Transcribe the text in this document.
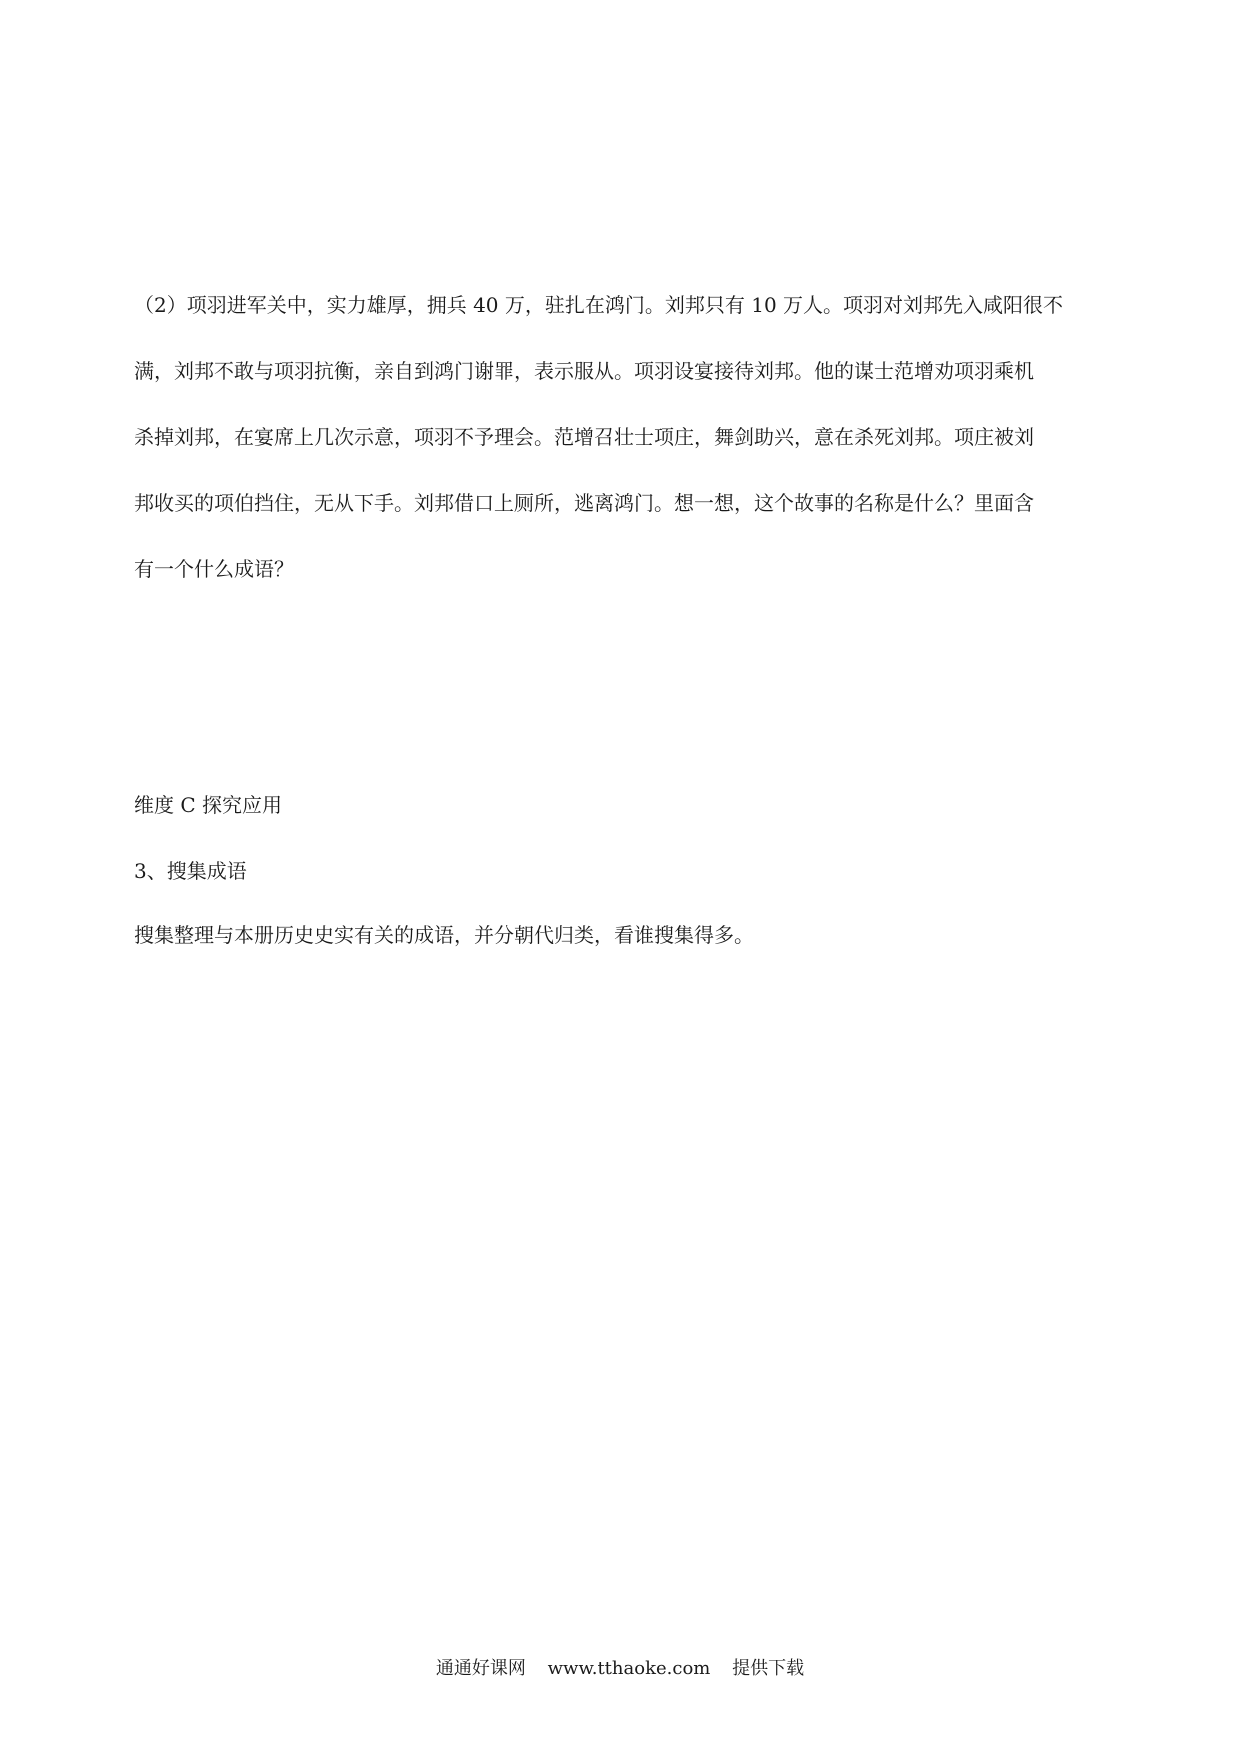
（2）项羽进军关中，实力雄厚，拥兵 40 万，驻扎在鸿门。刘邦只有 10 万人。项羽对刘邦先入咸阳很不
满，刘邦不敢与项羽抗衡，亲自到鸿门谢罪，表示服从。项羽设宴接待刘邦。他的谋士范增劝项羽乘机
杀掉刘邦，在宴席上几次示意，项羽不予理会。范增召壮士项庄，舞剑助兴，意在杀死刘邦。项庄被刘
邦收买的项伯挡住，无从下手。刘邦借口上厕所，逃离鸿门。想一想，这个故事的名称是什么？里面含
有一个什么成语？

维度 C 探究应用

3、搜集成语

搜集整理与本册历史史实有关的成语，并分朝代归类，看谁搜集得多。

通通好课网 www.tthaoke.com 提供下载
